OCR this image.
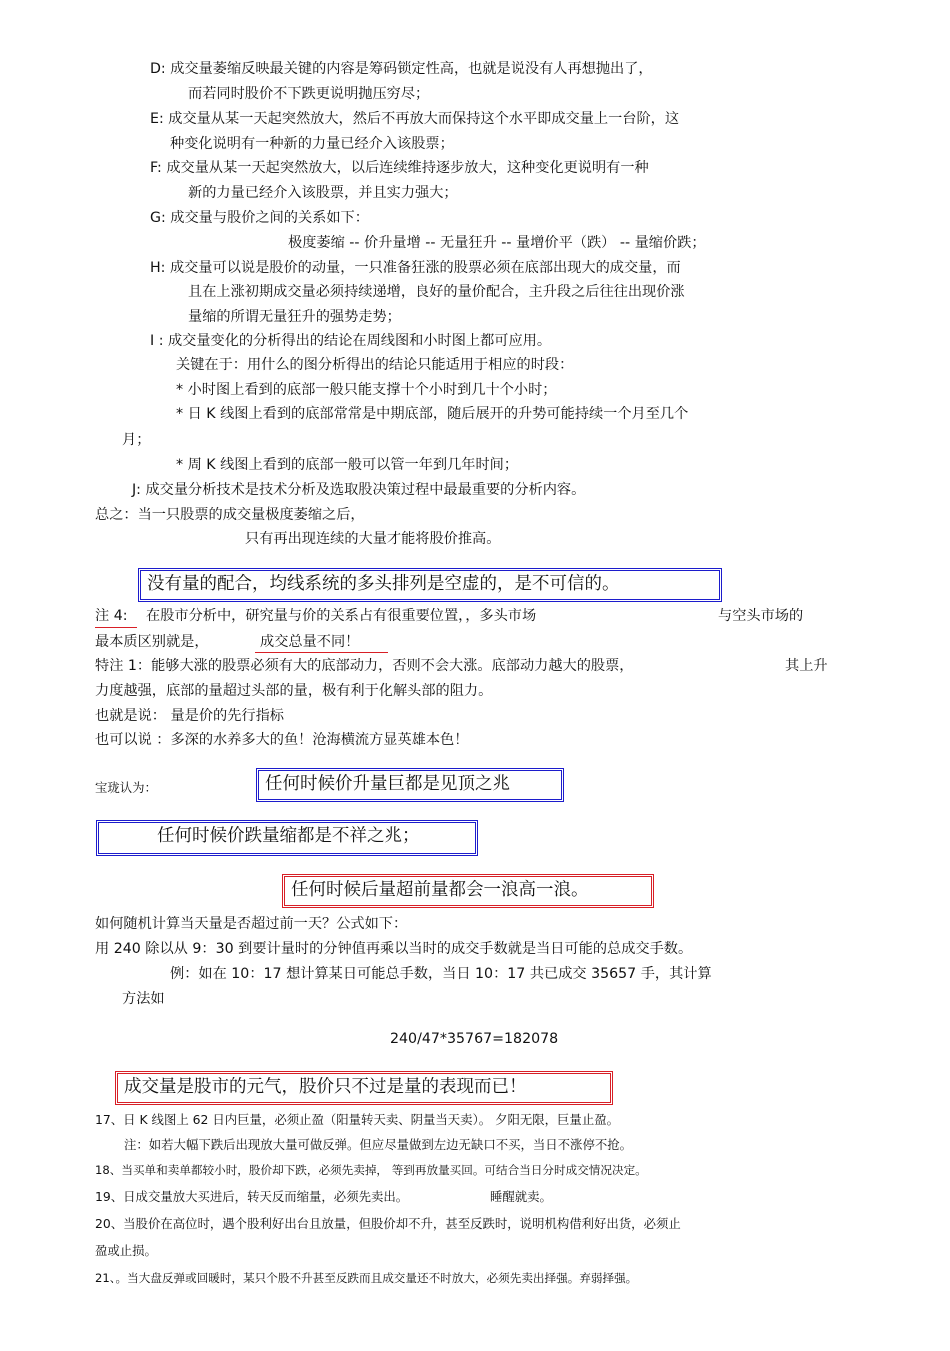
D: 成交量萎缩反映最关键的内容是筹码锁定性高，也就是说没有人再想抛出了，
而若同时股价不下跌更说明抛压穷尽；
E: 成交量从某一天起突然放大，然后不再放大而保持这个水平即成交量上一台阶，这
种变化说明有一种新的力量已经介入该股票；
F: 成交量从某一天起突然放大，以后连续维持逐步放大，这种变化更说明有一种
新的力量已经介入该股票，并且实力强大；
G: 成交量与股价之间的关系如下：
极度萎缩 -- 价升量增 -- 无量狂升 -- 量增价平（跌） -- 量缩价跌；
H: 成交量可以说是股价的动量，一只准备狂涨的股票必须在底部出现大的成交量，而
且在上涨初期成交量必须持续递增，良好的量价配合，主升段之后往往出现价涨
量缩的所谓无量狂升的强势走势；
I : 成交量变化的分析得出的结论在周线图和小时图上都可应用。
关键在于：用什么的图分析得出的结论只能适用于相应的时段：
* 小时图上看到的底部一般只能支撑十个小时到几十个小时；
* 日 K 线图上看到的底部常常是中期底部，随后展开的升势可能持续一个月至几个
月；
* 周 K 线图上看到的底部一般可以管一年到几年时间；
J: 成交量分析技术是技术分析及选取股决策过程中最最重要的分析内容。
总之：当一只股票的成交量极度萎缩之后，
只有再出现连续的大量才能将股价推高。
没有量的配合，均线系统的多头排列是空虚的，是不可信的。
注 4: 在股市分析中，研究量与价的关系占有很重要位置，，多头市场	与空头市场的
最本质区别就是，	成交总量不同！
特注 1：能够大涨的股票必须有大的底部动力，否则不会大涨。底部动力越大的股票，	其上升
力度越强，底部的量超过头部的量，极有利于化解头部的阻力。
也就是说： 量是价的先行指标
也可以说 ：多深的水养多大的鱼！沧海横流方显英雄本色！
宝珑认为：	任何时候价升量巨都是见顶之兆
任何时候价跌量缩都是不祥之兆；
任何时候后量超前量都会一浪高一浪。
如何随机计算当天量是否超过前一天？公式如下：
用 240 除以从 9：30 到要计量时的分钟值再乘以当时的成交手数就是当日可能的总成交手数。
例：如在 10：17 想计算某日可能总手数，当日 10：17 共已成交 35657 手，其计算
方法如
240/47*35767=182078
成交量是股市的元气，股价只不过是量的表现而已！
17、日 K 线图上 62 日内巨量，必须止盈（阳量转天卖、阴量当天卖）。 夕阳无限，巨量止盈。
注：如若大幅下跌后出现放大量可做反弹。但应尽量做到左边无缺口不买，当日不涨停不抢。
18、当买单和卖单都较小时，股价却下跌，必须先卖掉， 等到再放量买回。可结合当日分时成交情况决定。
19、日成交量放大买进后，转天反而缩量，必须先卖出。	睡醒就卖。
20、当股价在高位时，遇个股利好出台且放量，但股价却不升，甚至反跌时，说明机构借利好出货，必须止
盈或止损。
21、。当大盘反弹或回暖时，某只个股不升甚至反跌而且成交量还不时放大，必须先卖出择强。弃弱择强。
